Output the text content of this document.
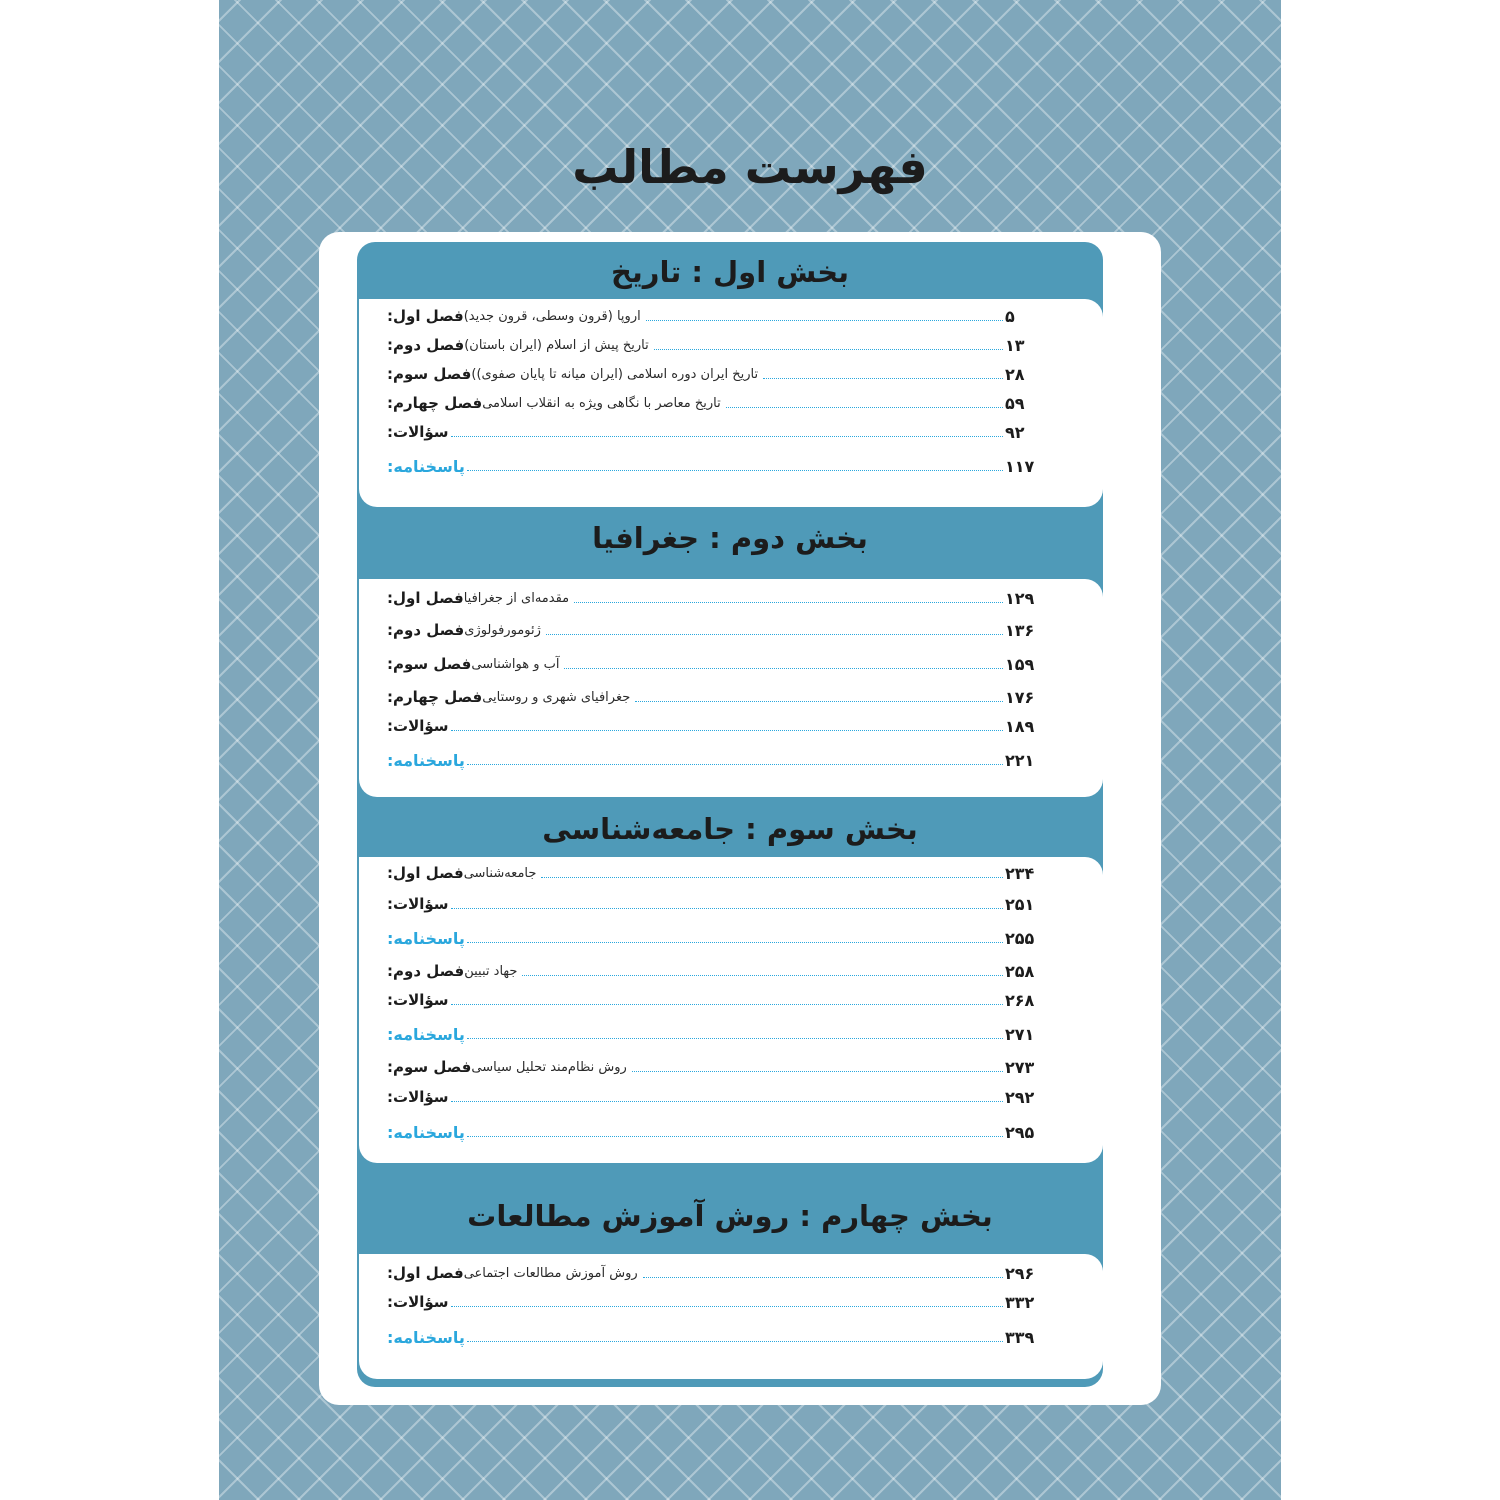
فهرست مطالب
بخش اول : تاریخ
فصل اول: اروپا (قرون وسطی، قرون جدید)	۵
فصل دوم: تاریخ پیش از اسلام (ایران باستان)	۱۳
فصل سوم: تاریخ ایران دوره اسلامی (ایران میانه تا پایان صفوی))	۲۸
فصل چهارم: تاریخ معاصر با نگاهی ویژه به انقلاب اسلامی	۵۹
سؤالات:	۹۲
پاسخنامه:	۱۱۷
بخش دوم : جغرافیا
فصل اول: مقدمه‌ای از جغرافیا	۱۲۹
فصل دوم: ژئومورفولوژی	۱۳۶
فصل سوم: آب و هواشناسی	۱۵۹
فصل چهارم: جغرافیای شهری و روستایی	۱۷۶
سؤالات:	۱۸۹
پاسخنامه:	۲۲۱
بخش سوم : جامعه‌شناسی
فصل اول: جامعه‌شناسی	۲۳۴
سؤالات:	۲۵۱
پاسخنامه:	۲۵۵
فصل دوم: جهاد تبیین	۲۵۸
سؤالات:	۲۶۸
پاسخنامه:	۲۷۱
فصل سوم: روش نظام‌مند تحلیل سیاسی	۲۷۳
سؤالات:	۲۹۲
پاسخنامه:	۲۹۵
بخش چهارم : روش آموزش مطالعات
فصل اول: روش آموزش مطالعات اجتماعی	۲۹۶
سؤالات:	۳۳۲
پاسخنامه:	۳۳۹
